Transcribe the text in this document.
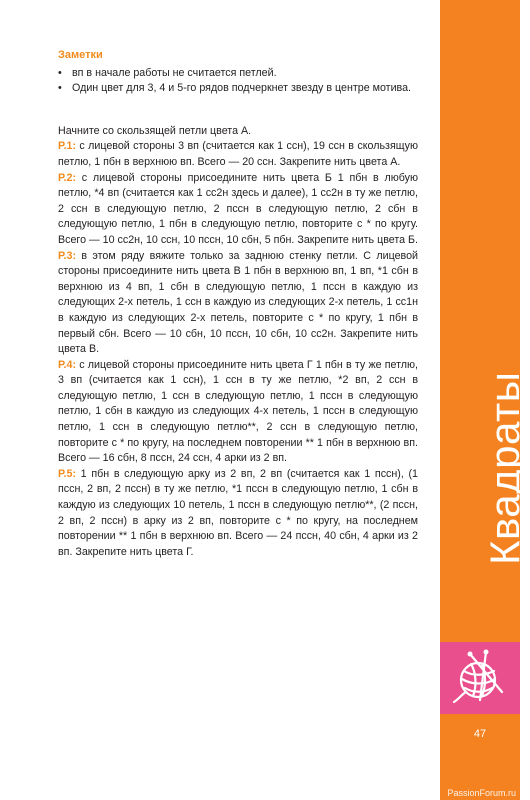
Заметки
• вп в начале работы не считается петлей.
• Один цвет для 3, 4 и 5-го рядов подчеркнет звезду в центре мотива.
Начните со скользящей петли цвета А.
Р.1: с лицевой стороны 3 вп (считается как 1 ссн), 19 ссн в скользящую петлю, 1 пбн в верхнюю вп. Всего — 20 ссн. Закрепите нить цвета А.
Р.2: с лицевой стороны присоедините нить цвета Б 1 пбн в любую петлю, *4 вп (считается как 1 сс2н здесь и далее), 1 сс2н в ту же петлю, 2 ссн в следующую петлю, 2 пссн в следующую петлю, 2 сбн в следующую петлю, 1 пбн в следующую петлю, повторите с * по кругу. Всего — 10 сс2н, 10 ссн, 10 пссн, 10 сбн, 5 пбн. Закрепите нить цвета Б.
Р.3: в этом ряду вяжите только за заднюю стенку петли. С лицевой стороны присоедините нить цвета В 1 пбн в верхнюю вп, 1 вп, *1 сбн в верхнюю из 4 вп, 1 сбн в следующую петлю, 1 пссн в каждую из следующих 2-х петель, 1 ссн в каждую из следующих 2-х петель, 1 сс1н в каждую из следующих 2-х петель, повторите с * по кругу, 1 пбн в первый сбн. Всего — 10 сбн, 10 пссн, 10 сбн, 10 сс2н. Закрепите нить цвета В.
Р.4: с лицевой стороны присоедините нить цвета Г 1 пбн в ту же петлю, 3 вп (считается как 1 ссн), 1 ссн в ту же петлю, *2 вп, 2 ссн в следующую петлю, 1 ссн в следующую петлю, 1 пссн в следующую петлю, 1 сбн в каждую из следующих 4-х петель, 1 пссн в следующую петлю, 1 ссн в следующую петлю**, 2 ссн в следующую петлю, повторите с * по кругу, на последнем повторении ** 1 пбн в верхнюю вп. Всего — 16 сбн, 8 пссн, 24 ссн, 4 арки из 2 вп.
Р.5: 1 пбн в следующую арку из 2 вп, 2 вп (считается как 1 пссн), (1 пссн, 2 вп, 2 пссн) в ту же петлю, *1 пссн в следующую петлю, 1 сбн в каждую из следующих 10 петель, 1 пссн в следующую петлю**, (2 пссн, 2 вп, 2 пссн) в арку из 2 вп, повторите с * по кругу, на последнем повторении ** 1 пбн в верхнюю вп. Всего — 24 пссн, 40 сбн, 4 арки из 2 вп. Закрепите нить цвета Г.	Квадраты
47
PassionForum.ru
